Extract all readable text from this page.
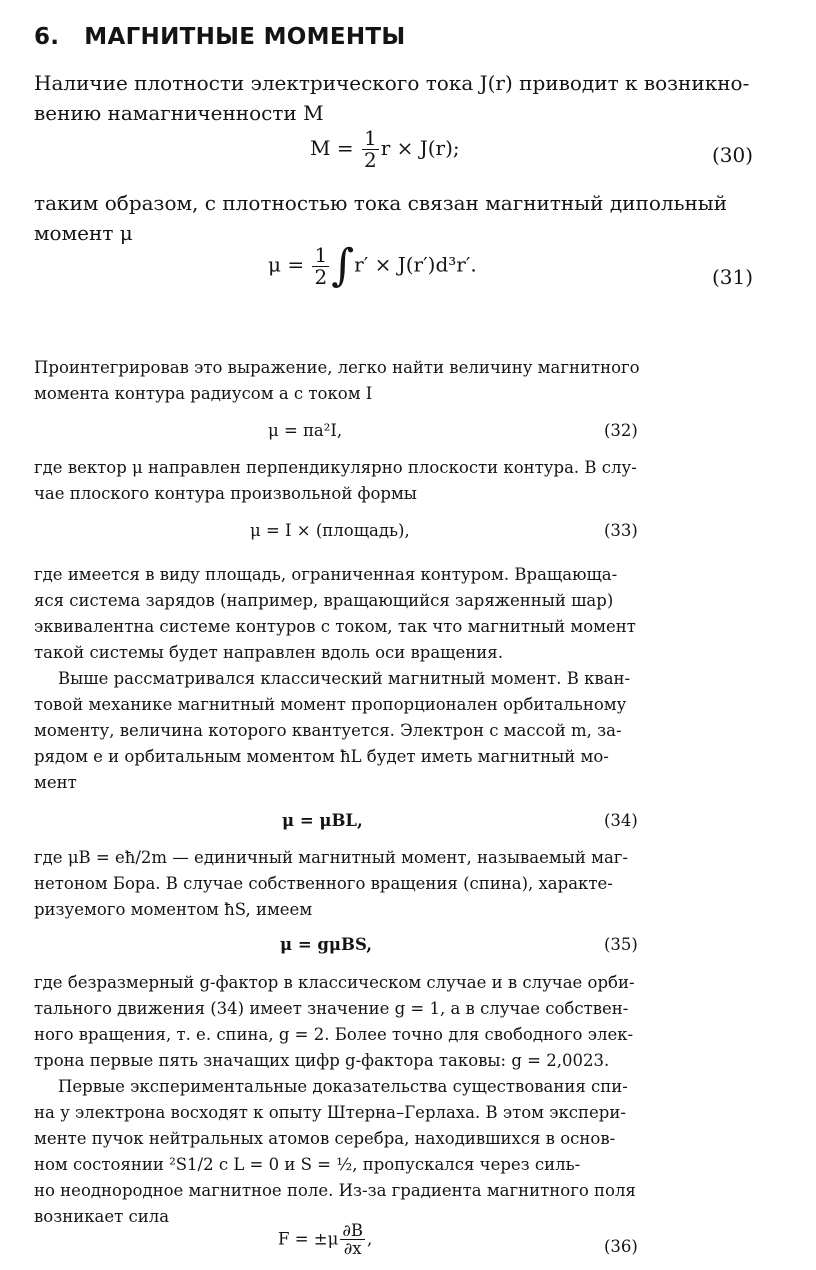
6. МАГНИТНЫЕ МОМЕНТЫ
Наличие плотности электрического тока J(r) приводит к возникно-
вению намагниченности M
$M = \frac{1}{2}$ r × J(r);	(30)
таким образом, с плотностью тока связан магнитный дипольный
момент μ
$\mu = \frac{1}{2} \int r' \times J(r')d^3r'$.
(31)
Проинтегрировав это выражение, легко найти величину магнитного
момента контура радиусом a с током I
μ = πa²I,	(32)
где вектор μ направлен перпендикулярно плоскости контура. В слу-
чае плоского контура произвольной формы
μ = I × (площадь),	(33)
где имеется в виду площадь, ограниченная контуром. Вращающа-
яся система зарядов (например, вращающийся заряженный шар)
эквивалентна системе контуров с током, так что магнитный момент
такой системы будет направлен вдоль оси вращения.
Выше рассматривался классический магнитный момент. В кван-
товой механике магнитный момент пропорционален орбитальному
моменту, величина которого квантуется. Электрон с массой m, за-
рядом e и орбитальным моментом ħL будет иметь магнитный мо-
мент
μ = μBL,	(34)
где μB = eħ/2m — единичный магнитный момент, называемый маг-
нетоном Бора. В случае собственного вращения (спина), характе-
ризуемого моментом ħS, имеем
μ = gμBS,	(35)
где безразмерный g-фактор в классическом случае и в случае орби-
тального движения (34) имеет значение g = 1, а в случае собствен-
ного вращения, т. е. спина, g = 2. Более точно для свободного элек-
трона первые пять значащих цифр g-фактора таковы: g = 2,0023.
Первые экспериментальные доказательства существования спи-
на у электрона восходят к опыту Штерна–Герлаха. В этом экспери-
менте пучок нейтральных атомов серебра, находившихся в основ-
ном состоянии ²S1/2 с L = 0 и S = ½, пропускался через силь-
но неоднородное магнитное поле. Из-за градиента магнитного поля
возникает сила
$F = \pm\mu \frac{\partial B}{\partial x}$ ,	(36)
